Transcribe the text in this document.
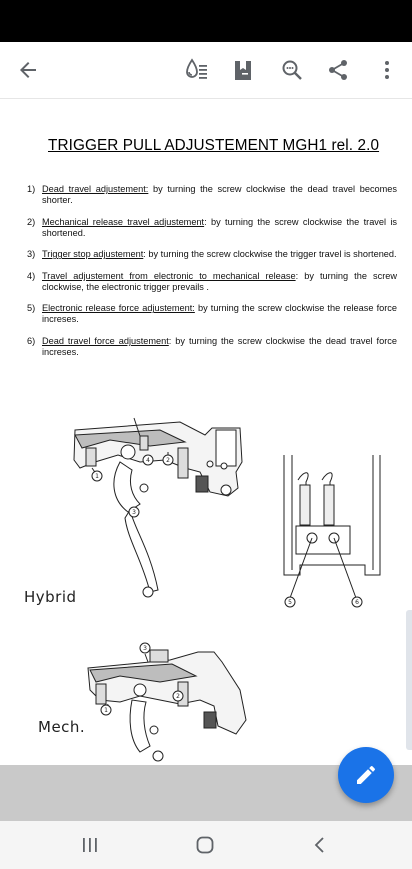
TRIGGER PULL ADJUSTEMENT MGH1 rel. 2.0
1) Dead travel adjustement: by turning the screw clockwise the dead travel becomes shorter.
2) Mechanical release travel adjustement: by turning the screw clockwise the travel is shortened.
3) Trigger stop adjustement: by turning the screw clockwise the trigger travel is shortened.
4) Travel adjustement from electronic to mechanical release: by turning the screw clockwise, the electronic trigger prevails .
5) Electronic release force adjustement: by turning the screw clockwise the release force increses.
6) Dead travel force adjustement: by turning the screw clockwise the dead travel force increses.
1
2
3
4
5	6
1
2
3
Hybrid
Mech.
